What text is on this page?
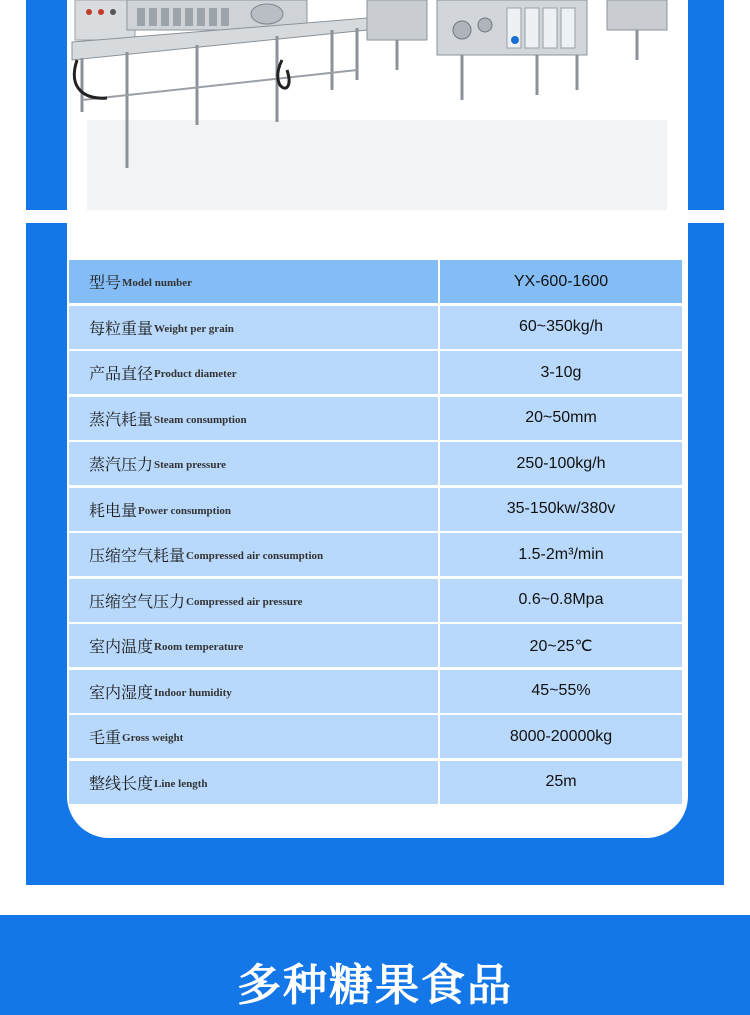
型号 Model number	YX-600-1600
每粒重量 Weight per grain	60~350kg/h
产品直径 Product diameter	3-10g
蒸汽耗量 Steam consumption	20~50mm
蒸汽压力 Steam pressure	250-100kg/h
耗电量 Power consumption	35-150kw/380v
压缩空气耗量 Compressed air consumption	1.5-2m³/min
压缩空气压力 Compressed air pressure	0.6~0.8Mpa
室内温度 Room temperature	20~25℃
室内湿度 Indoor humidity	45~55%
毛重 Gross weight	8000-20000kg
整线长度 Line length	25m
多种糖果食品
